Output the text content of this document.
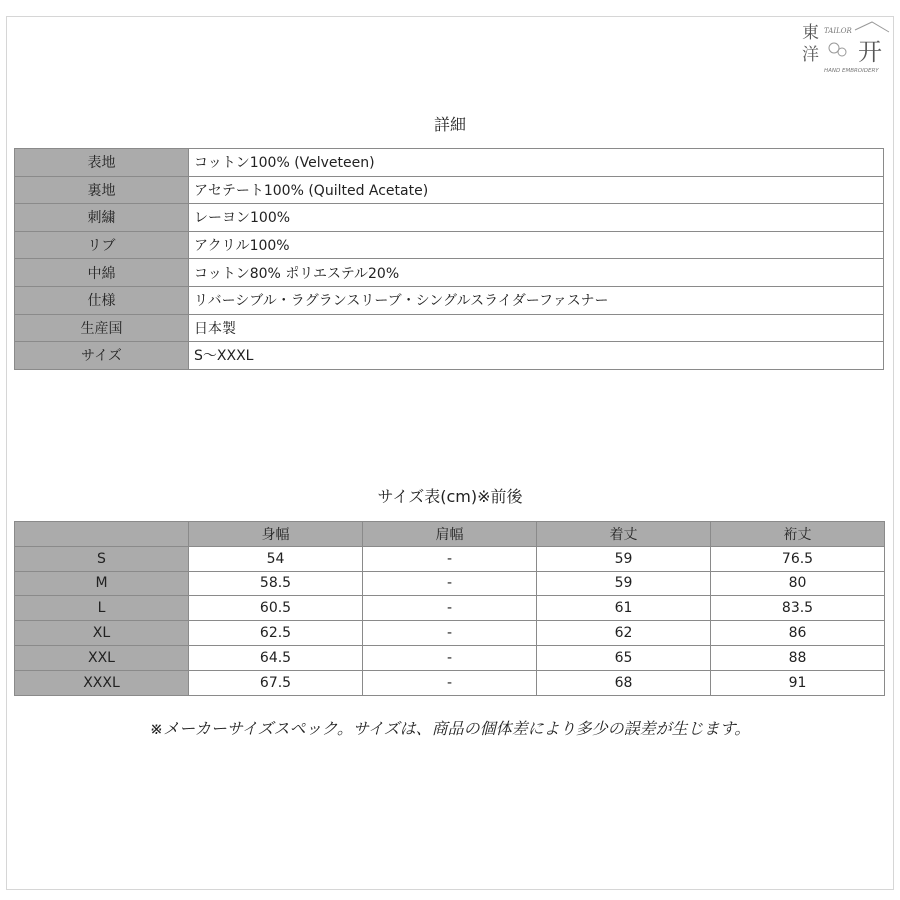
東
洋
TAILOR
开
HAND EMBROIDERY
詳細
表地	コットン100% (Velveteen)
裏地	アセテート100% (Quilted Acetate)
刺繍	レーヨン100%
リブ	アクリル100%
中綿	コットン80% ポリエステル20%
仕様	リバーシブル・ラグランスリーブ・シングルスライダーファスナー
生産国	日本製
サイズ	S〜XXXL
サイズ表(cm)※前後
	身幅	肩幅	着丈	裄丈
S	54	-	59	76.5
M	58.5	-	59	80
L	60.5	-	61	83.5
XL	62.5	-	62	86
XXL	64.5	-	65	88
XXXL	67.5	-	68	91
※メーカーサイズスペック。サイズは、商品の個体差により多少の誤差が生じます。
